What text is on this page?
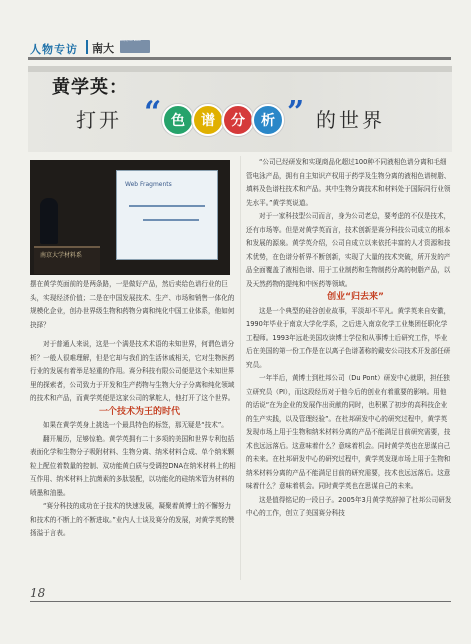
人物专访 南大
Nanjing Univ. Alumni
黄学英：
打开 “ 色	谱	分	析 ” 的世界
Web Fragments
南京大学材料系
摆在黄学英面前的是两条路，一是做好产品，然后卖给色谱行业的巨头，实现经济价值；二是在中国发展技术、生产、市场和销售一体化的规模化企业，创办世界级生物和药物分离和纯化中国工业体系，他如何抉择？

对于普通人来说，这是一个满是技术术语的未知世界，何谓色谱分析？一般人很难理解，但是它却与我们的生活休戚相关，它对生物医药行业的发展有着举足轻重的作用。赛分科技有限公司便是这个未知世界里的探索者，公司致力于开发和生产药物与生物大分子分离和纯化领域的技术和产品，而黄学英便是这家公司的掌舵人，他打开了这个世界。

一个技术为王的时代

如果在黄学英身上挑选一个最具特色的标签，那无疑是“技术”。

翻开履历，足够惊艳。黄学英拥有二十多项的美国和世界专利包括表面化学和生物分子吸附材料、生物分离、纳米材料合成、单个纳米颗粒上配位着数量的控制、双功能黄白质与受调控DNA在纳米材料上的相互作用、纳米材料上抗菌素的多肽装配，以功能化的硅纳米管为材料的喷墨和油墨。

“赛分科技的成功在于技术的快速发展，凝聚着黄博士的不懈努力和技术的不断上的不断进取。”业内人士谈及赛分的发展，对黄学英的赞扬溢于言表。

“公司已经研发和实现商品化超过100种不同液相色谱分离和毛细管电泳产品，拥有自主知识产权用于药学及生物分离的液相色谱树脂、填料及色谱柱技术和产品。其中生物分离技术和材料处于国际同行业领先水平。”黄学英说道。

对于一家科技型公司而言，身为公司老总，要考虑的不仅是技术，还有市场等。但是对黄学英而言，技术创新是赛分科技公司成立的根本和发展的源泉。黄学英介绍，公司自成立以来依托丰富的人才资源和技术优势，在色谱分析界不断创新，实现了大量的技术突破，所开发的产品全面覆盖了液相色谱、用于工业制药和生物制药分离的树脂产品，以及天然药物的提纯和中医药等领域。

创业“归去来”

这是一个典型的硅谷创业故事，平淡却不平凡。黄学英来自安徽，1990年毕业于南京大学化学系，之后进入南京化学工业集团任职化学工程师。1993年远赴美国攻读博士学位和从事博士后研究工作，毕业后在美国的第一份工作是在以离子色谱著称的戴安公司技术开发部任研究员。

一年半后，黄博士到杜邦公司（Du Pont）研发中心就职，担任独立研究员（PI），而这段经历对于他今后的创业有着重要的影响。用他的话说“在为企业的发展作出贡献的同时，也积累了初步的高科技企业的生产实践，以及管理经验”。在杜邦研发中心的研究过程中，黄学英发现市场上用于生物和纳米材料分离的产品不能满足目前研究需要，技术也远远落后。这意味着什么？意味着机会。同时黄学英也在思谋自己的未来。在杜邦研发中心的研究过程中，黄学英发现市场上用于生物和纳米材料分离的产品不能满足目前的研究需要，技术也远远落后。这意味着什么？意味着机会。同时黄学英也在思谋自己的未来。

这是值得铭记的一段日子。2005年3月黄学英辞掉了杜邦公司研发中心的工作，创立了美国赛分科技

18
